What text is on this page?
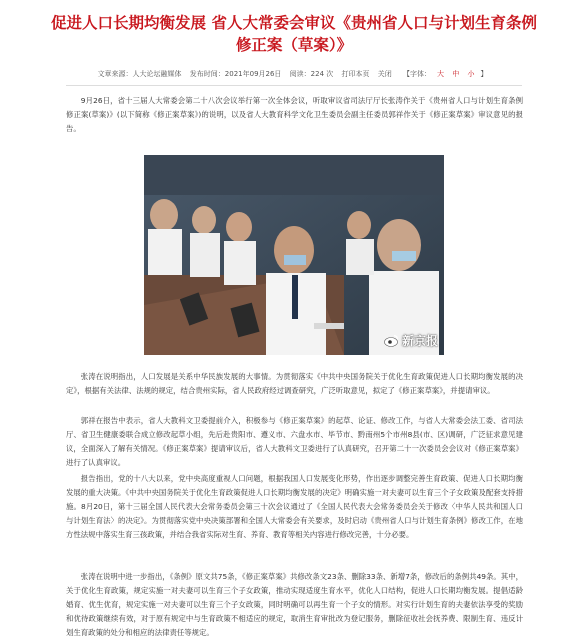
促进人口长期均衡发展 省人大常委会审议《贵州省人口与计划生育条例
修正案（草案）》
文章来源：人大论坛融媒体 发布时间：2021年09月26日 阅读：224 次 打印本页 关闭 【字体： 大 中 小 】

9月26日，省十三届人大常委会第二十八次会议举行第一次全体会议，听取审议省司法厅厅长张涛作关于《贵州省人口与计划生育条例修正案(草案)》(以下简称《修正案草案》)的说明，以及省人大教育科学文化卫生委员会副主任委员郭祥作关于《修正案草案》审议意见的报告。

新京报

张涛在说明指出，人口发展是关系中华民族发展的大事情。为贯彻落实《中共中央国务院关于优化生育政策促进人口长期均衡发展的决定》，根据有关法律、法规的规定，结合贵州实际，省人民政府经过调查研究，广泛听取意见，拟定了《修正案草案》，并提请审议。

郭祥在报告中表示，省人大教科文卫委提前介入，积极参与《修正案草案》的起草、论证、修改工作，与省人大常委会法工委、省司法厅、省卫生健康委联合成立修改起草小组，先后赴贵阳市、遵义市、六盘水市、毕节市、黔南州5个市州8县(市、区)调研，广泛征求意见建议，全面深入了解有关情况。《修正案草案》提请审议后，省人大教科文卫委进行了认真研究，召开第二十一次委员会会议对《修正案草案》进行了认真审议。

报告指出，党的十八大以来，党中央高度重视人口问题，根据我国人口发展变化形势，作出逐步调整完善生育政策、促进人口长期均衡发展的重大决策。《中共中央国务院关于优化生育政策促进人口长期均衡发展的决定》明确实施一对夫妻可以生育三个子女政策及配套支持措施。8月20日，第十三届全国人民代表大会常务委员会第三十次会议通过了《全国人民代表大会常务委员会关于修改〈中华人民共和国人口与计划生育法〉的决定》。为贯彻落实党中央决策部署和全国人大常委会有关要求，及时启动《贵州省人口与计划生育条例》修改工作，在地方性法规中落实生育三孩政策，并结合我省实际对生育、养育、教育等相关内容进行修改完善，十分必要。

张涛在说明中进一步指出，《条例》原文共75条，《修正案草案》共修改条文23条、删除33条、新增7条，修改后的条例共49条。其中，关于优化生育政策，规定实施一对夫妻可以生育三个子女政策，推动实现适度生育水平，优化人口结构，促进人口长期均衡发展。提倡适龄婚育、优生优育，规定实施一对夫妻可以生育三个子女政策，同时明确可以再生育一个子女的情形。对实行计划生育的夫妻依法享受的奖励和优待政策继续有效，对于原有规定中与生育政策不相适应的规定，取消生育审批改为登记服务，删除征收社会抚养费、限制生育、违反计划生育政策的处分和相应的法律责任等规定。
